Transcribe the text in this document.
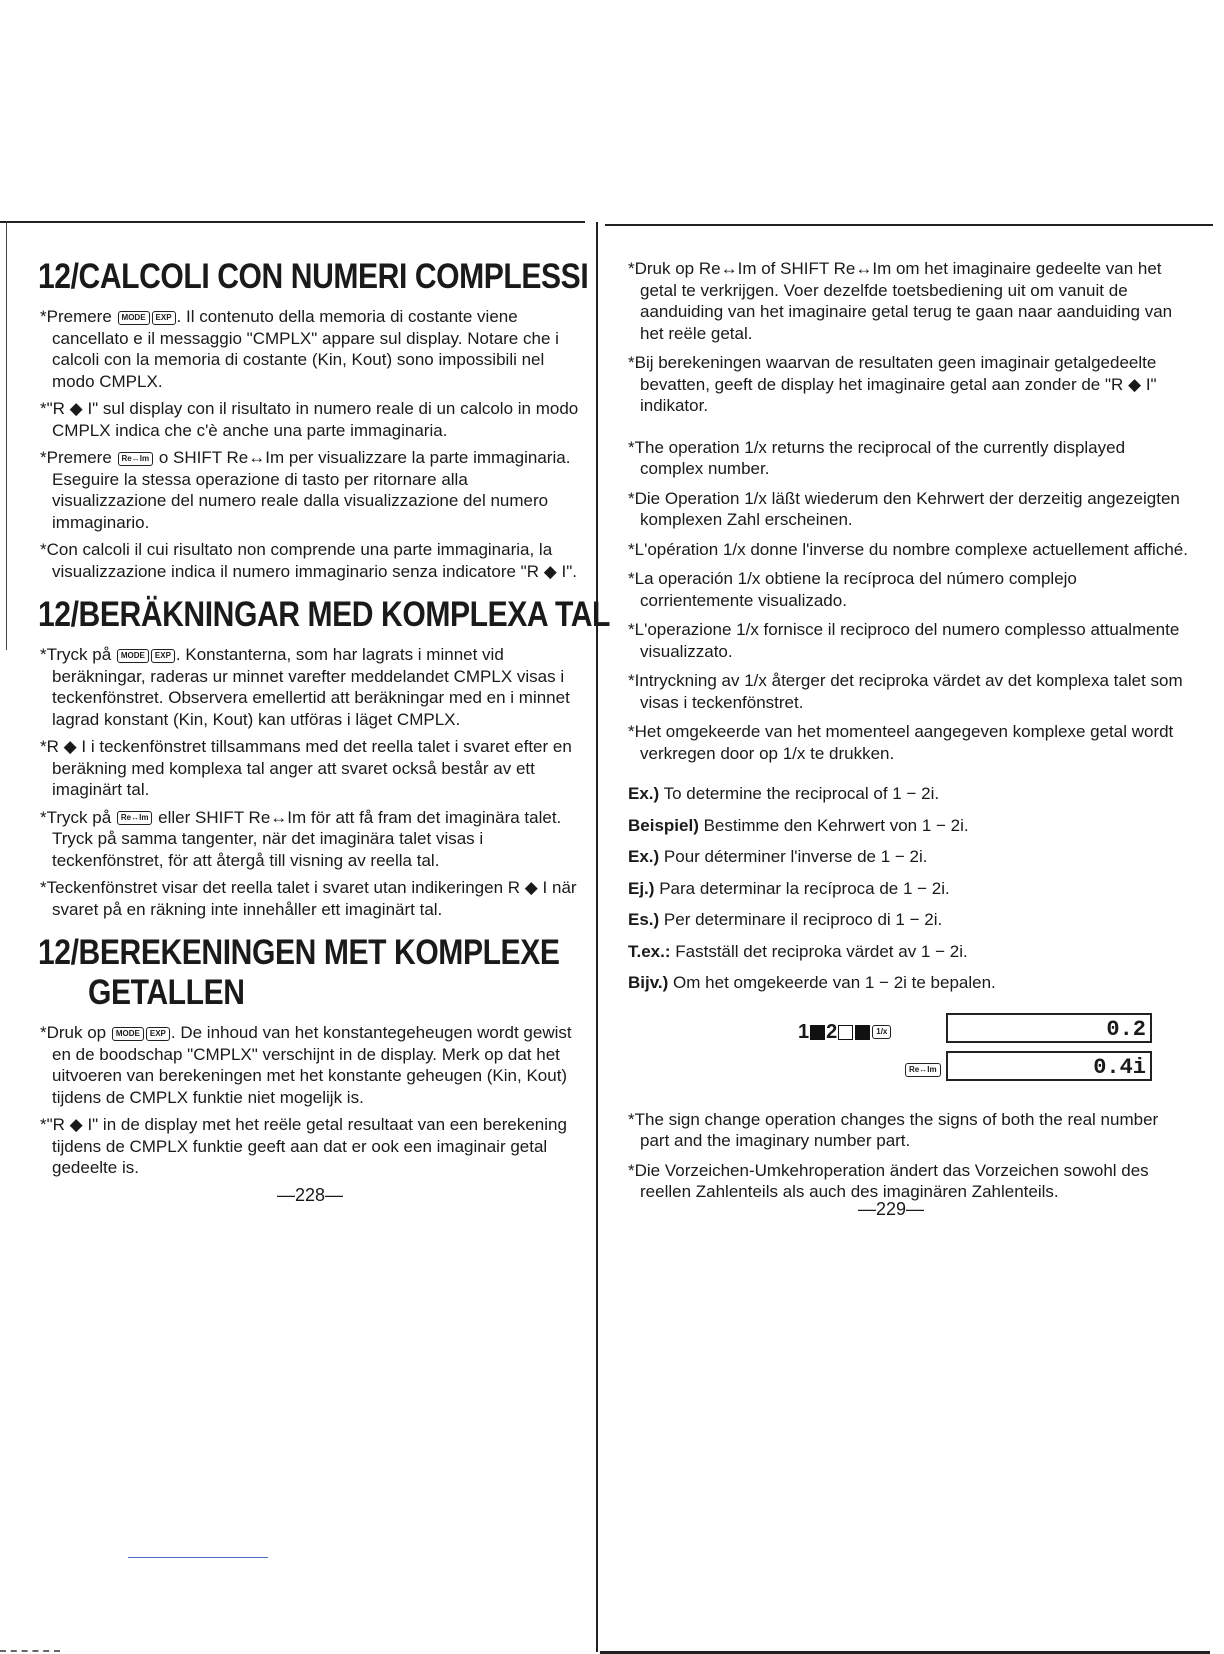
12/CALCOLI CON NUMERI COMPLESSI

*Premere MODE EXP . Il contenuto della memoria di costante viene cancellato e il messaggio "CMPLX" appare sul display. Notare che i calcoli con la memoria di costante (Kin, Kout) sono impossibili nel modo CMPLX.

*"R ◆ I" sul display con il risultato in numero reale di un calcolo in modo CMPLX indica che c'è anche una parte immaginaria.

*Premere Re↔Im o SHIFT Re↔Im per visualizzare la parte immaginaria. Eseguire la stessa operazione di tasto per ritornare alla visualizzazione del numero reale dalla visualizzazione del numero immaginario.

*Con calcoli il cui risultato non comprende una parte immaginaria, la visualizzazione indica il numero immaginario senza indicatore "R ◆ I".

12/BERÄKNINGAR MED KOMPLEXA TAL

*Tryck på MODE EXP . Konstanterna, som har lagrats i minnet vid beräkningar, raderas ur minnet varefter meddelandet CMPLX visas i teckenfönstret. Observera emellertid att beräkningar med en i minnet lagrad konstant (Kin, Kout) kan utföras i läget CMPLX.

*R ◆ I i teckenfönstret tillsammans med det reella talet i svaret efter en beräkning med komplexa tal anger att svaret också består av ett imaginärt tal.

*Tryck på Re↔Im eller SHIFT Re↔Im för att få fram det imaginära talet. Tryck på samma tangenter, när det imaginära talet visas i teckenfönstret, för att återgå till visning av reella tal.

*Teckenfönstret visar det reella talet i svaret utan indikeringen R ◆ I när svaret på en räkning inte innehåller ett imaginärt tal.

12/BEREKENINGEN MET KOMPLEXE
GETALLEN

*Druk op MODE EXP . De inhoud van het konstantegeheugen wordt gewist en de boodschap "CMPLX" verschijnt in de display. Merk op dat het uitvoeren van berekeningen met het konstante geheugen (Kin, Kout) tijdens de CMPLX funktie niet mogelijk is.

*"R ◆ I" in de display met het reële getal resultaat van een berekening tijdens de CMPLX funktie geeft aan dat er ook een imaginair getal gedeelte is.

—228—

*Druk op Re↔Im of SHIFT Re↔Im om het imaginaire gedeelte van het getal te verkrijgen. Voer dezelfde toetsbediening uit om vanuit de aanduiding van het imaginaire getal terug te gaan naar aanduiding van het reële getal.

*Bij berekeningen waarvan de resultaten geen imaginair getalgedeelte bevatten, geeft de display het imaginaire getal aan zonder de "R ◆ I" indikator.

*The operation 1/x returns the reciprocal of the currently displayed complex number.

*Die Operation 1/x läßt wiederum den Kehrwert der derzeitig angezeigten komplexen Zahl erscheinen.

*L'opération 1/x donne l'inverse du nombre complexe actuellement affiché.

*La operación 1/x obtiene la recíproca del número complejo corrientemente visualizado.

*L'operazione 1/x fornisce il reciproco del numero complesso attualmente visualizzato.

*Intryckning av 1/x återger det reciproka värdet av det komplexa talet som visas i teckenfönstret.

*Het omgekeerde van het momenteel aangegeven komplexe getal wordt verkregen door op 1/x te drukken.

Ex.) To determine the reciprocal of 1 − 2i.
Beispiel) Bestimme den Kehrwert von 1 − 2i.
Ex.) Pour déterminer l'inverse de 1 − 2i.
Ej.) Para determinar la recíproca de 1 − 2i.
Es.) Per determinare il reciproco di 1 − 2i.
T.ex.: Fastställ det reciproka värdet av 1 − 2i.
Bijv.) Om het omgekeerde van 1 − 2i te bepalen.
1 2	1/x	0.2
Re↔Im	0.4i

*The sign change operation changes the signs of both the real number part and the imaginary number part.

*Die Vorzeichen-Umkehroperation ändert das Vorzeichen sowohl des reellen Zahlenteils als auch des imaginären Zahlenteils.

—229—
